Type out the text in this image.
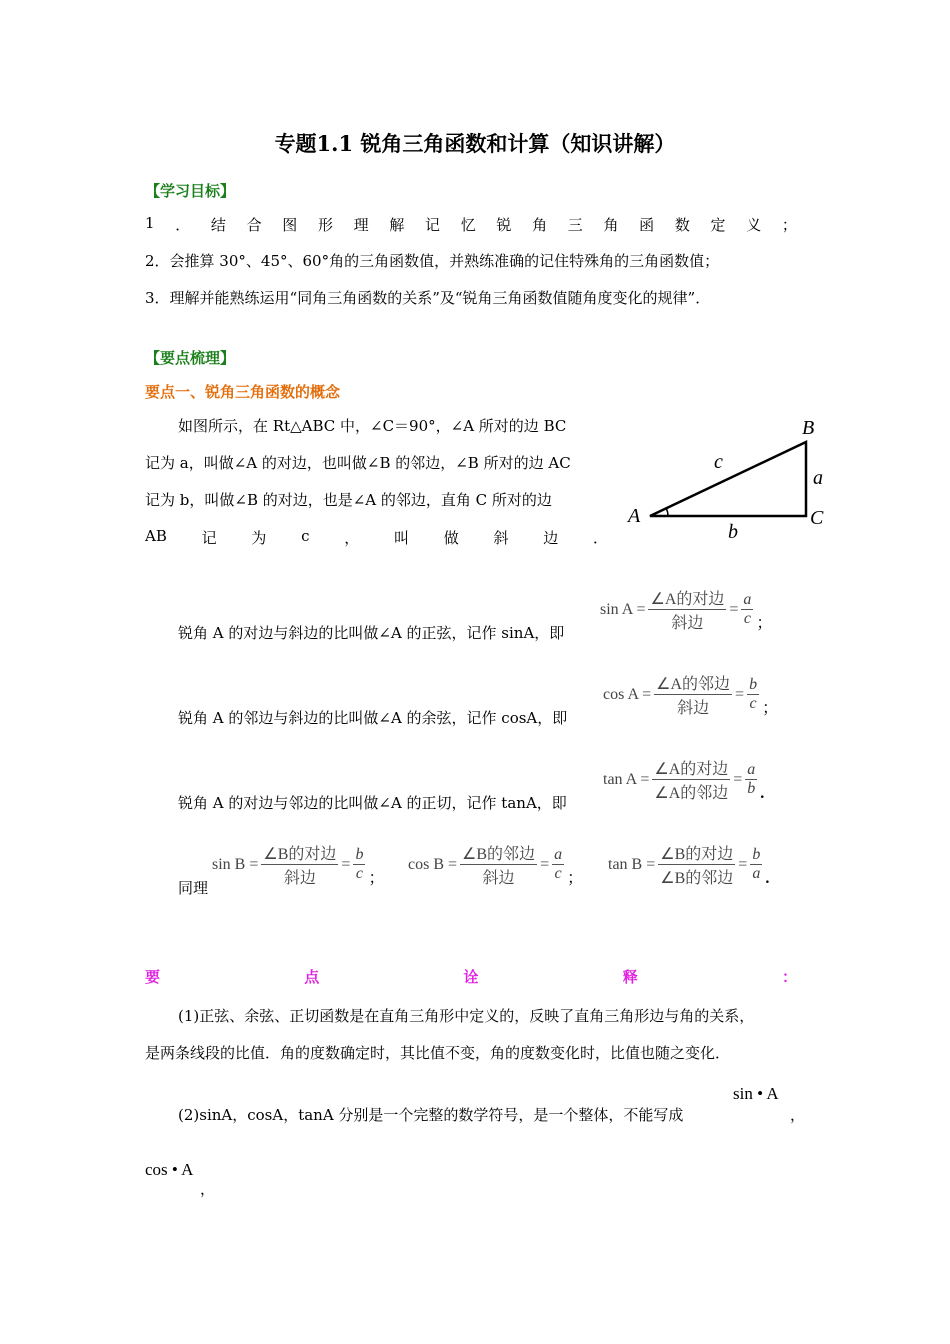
专题1.1 锐角三角函数和计算（知识讲解）
【学习目标】
1 ． 结 合 图 形 理 解 记 忆 锐 角 三 角 函 数 定 义 ；
2．会推算 30°、45°、60°角的三角函数值，并熟练准确的记住特殊角的三角函数值；
3．理解并能熟练运用“同角三角函数的关系”及“锐角三角函数值随角度变化的规律”．
【要点梳理】
要点一、锐角三角函数的概念
如图所示，在 Rt△ABC 中，∠C＝90°，∠A 所对的边 BC
记为 a，叫做∠A 的对边，也叫做∠B 的邻边，∠B 所对的边 AC
记为 b，叫做∠B 的对边，也是∠A 的邻边，直角 C 所对的边
AB 记 为 c ， 叫 做 斜 边 ．
B
A	C
a
b
c
锐角 A 的对边与斜边的比叫做∠A 的正弦，记作 sinA，即
$\sin A = \frac{\text{∠A的对边}}{\text{斜边}} = \frac{a}{c}$ ；
锐角 A 的邻边与斜边的比叫做∠A 的余弦，记作 cosA，即
$\cos A = \frac{\text{∠A的邻边}}{\text{斜边}} = \frac{b}{c}$ ；
锐角 A 的对边与邻边的比叫做∠A 的正切，记作 tanA，即
$\tan A = \frac{\text{∠A的对边}}{\text{∠A的邻边}} = \frac{a}{b}$ .
同理
$\sin B = \frac{\text{∠B的对边}}{\text{斜边}} = \frac{b}{c}$ ；
$\cos B = \frac{\text{∠B的邻边}}{\text{斜边}} = \frac{a}{c}$ ；
$\tan B = \frac{\text{∠B的对边}}{\text{∠B的邻边}} = \frac{b}{a}$ .
要	点	诠	释	：
(1)正弦、余弦、正切函数是在直角三角形中定义的，反映了直角三角形边与角的关系，
是两条线段的比值．角的度数确定时，其比值不变，角的度数变化时，比值也随之变化．
(2)sinA，cosA，tanA 分别是一个完整的数学符号，是一个整体，不能写成
sin • A
，
cos • A
，
